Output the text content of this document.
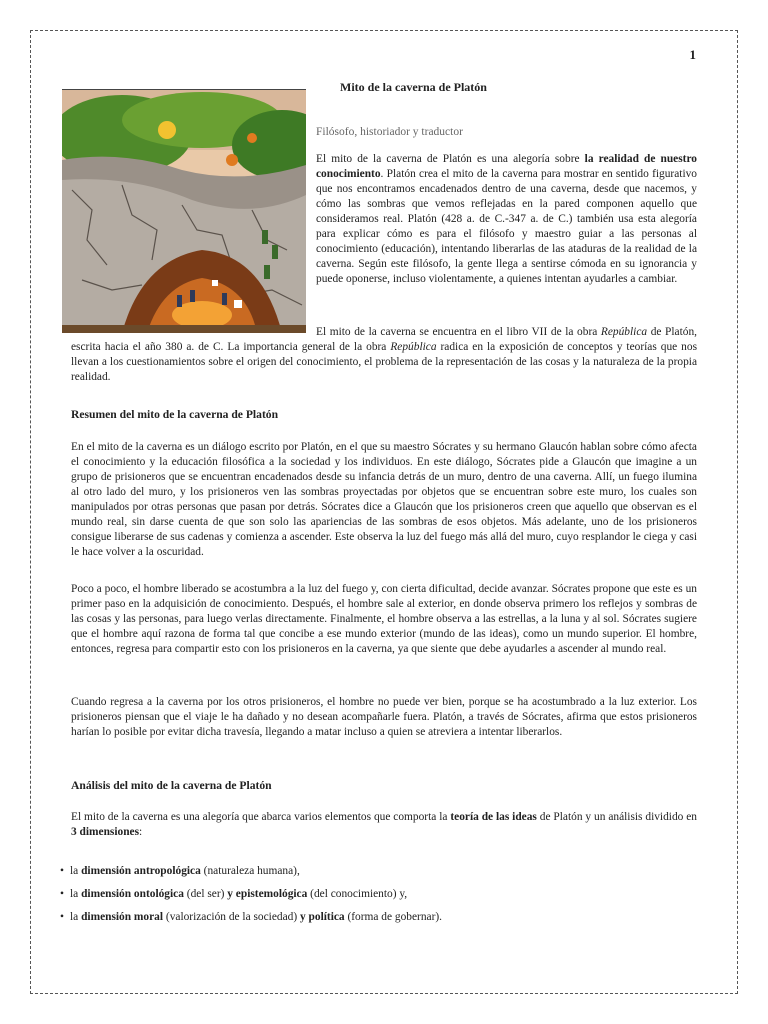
1
Mito de la caverna de Platón
Filósofo, historiador y traductor

El mito de la caverna de Platón es una alegoría sobre la realidad de nuestro conocimiento. Platón crea el mito de la caverna para mostrar en sentido figurativo que nos encontramos encadenados dentro de una caverna, desde que nacemos, y cómo las sombras que vemos reflejadas en la pared componen aquello que consideramos real. Platón (428 a. de C.-347 a. de C.) también usa esta alegoría para explicar cómo es para el filósofo y maestro guiar a las personas al conocimiento (educación), intentando liberarlas de las ataduras de la realidad de la caverna. Según este filósofo, la gente llega a sentirse cómoda en su ignorancia y puede oponerse, incluso violentamente, a quienes intentan ayudarles a cambiar.

El mito de la caverna se encuentra en el libro VII de la obra República de Platón, escrita hacia el año 380 a. de C. La importancia general de la obra República radica en la exposición de conceptos y teorías que nos llevan a los cuestionamientos sobre el origen del conocimiento, el problema de la representación de las cosas y la naturaleza de la propia realidad.

Resumen del mito de la caverna de Platón

En el mito de la caverna es un diálogo escrito por Platón, en el que su maestro Sócrates y su hermano Glaucón hablan sobre cómo afecta el conocimiento y la educación filosófica a la sociedad y los individuos. En este diálogo, Sócrates pide a Glaucón que imagine a un grupo de prisioneros que se encuentran encadenados desde su infancia detrás de un muro, dentro de una caverna. Allí, un fuego ilumina al otro lado del muro, y los prisioneros ven las sombras proyectadas por objetos que se encuentran sobre este muro, los cuales son manipulados por otras personas que pasan por detrás. Sócrates dice a Glaucón que los prisioneros creen que aquello que observan es el mundo real, sin darse cuenta de que son solo las apariencias de las sombras de esos objetos. Más adelante, uno de los prisioneros consigue liberarse de sus cadenas y comienza a ascender. Este observa la luz del fuego más allá del muro, cuyo resplandor le ciega y casi le hace volver a la oscuridad.

Poco a poco, el hombre liberado se acostumbra a la luz del fuego y, con cierta dificultad, decide avanzar. Sócrates propone que este es un primer paso en la adquisición de conocimiento. Después, el hombre sale al exterior, en donde observa primero los reflejos y sombras de las cosas y las personas, para luego verlas directamente. Finalmente, el hombre observa a las estrellas, a la luna y al sol. Sócrates sugiere que el hombre aquí razona de forma tal que concibe a ese mundo exterior (mundo de las ideas), como un mundo superior. El hombre, entonces, regresa para compartir esto con los prisioneros en la caverna, ya que siente que debe ayudarles a ascender al mundo real.

Cuando regresa a la caverna por los otros prisioneros, el hombre no puede ver bien, porque se ha acostumbrado a la luz exterior. Los prisioneros piensan que el viaje le ha dañado y no desean acompañarle fuera. Platón, a través de Sócrates, afirma que estos prisioneros harían lo posible por evitar dicha travesía, llegando a matar incluso a quien se atreviera a intentar liberarlos.

Análisis del mito de la caverna de Platón

El mito de la caverna es una alegoría que abarca varios elementos que comporta la teoría de las ideas de Platón y un análisis dividido en 3 dimensiones:

• la dimensión antropológica (naturaleza humana),
• la dimensión ontológica (del ser) y epistemológica (del conocimiento) y,
• la dimensión moral (valorización de la sociedad) y política (forma de gobernar).
